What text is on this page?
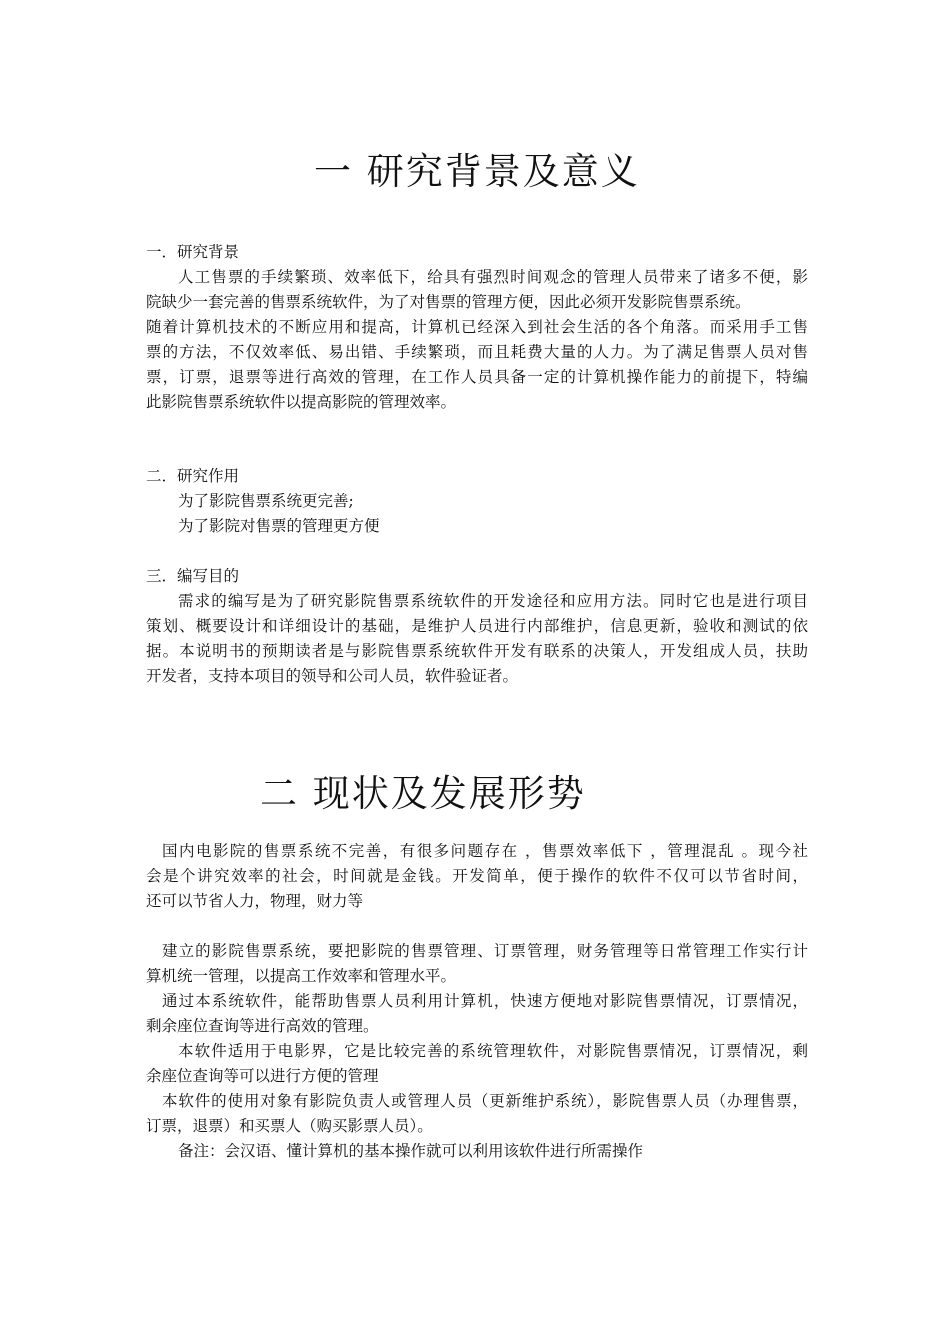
一 研究背景及意义
一．研究背景
人工售票的手续繁琐、效率低下，给具有强烈时间观念的管理人员带来了诸多不便，影
院缺少一套完善的售票系统软件，为了对售票的管理方便，因此必须开发影院售票系统。
随着计算机技术的不断应用和提高，计算机已经深入到社会生活的各个角落。而采用手工售
票的方法，不仅效率低、易出错、手续繁琐，而且耗费大量的人力。为了满足售票人员对售
票，订票，退票等进行高效的管理，在工作人员具备一定的计算机操作能力的前提下，特编
此影院售票系统软件以提高影院的管理效率。
二．研究作用
为了影院售票系统更完善;
为了影院对售票的管理更方便
三．编写目的
需求的编写是为了研究影院售票系统软件的开发途径和应用方法。同时它也是进行项目
策划、概要设计和详细设计的基础，是维护人员进行内部维护，信息更新，验收和测试的依
据。本说明书的预期读者是与影院售票系统软件开发有联系的决策人，开发组成人员，扶助
开发者，支持本项目的领导和公司人员，软件验证者。
二 现状及发展形势
国内电影院的售票系统不完善，有很多问题存在 ，售票效率低下 ，管理混乱 。现今社
会是个讲究效率的社会，时间就是金钱。开发简单，便于操作的软件不仅可以节省时间，
还可以节省人力，物理，财力等
建立的影院售票系统，要把影院的售票管理、订票管理，财务管理等日常管理工作实行计
算机统一管理，以提高工作效率和管理水平。
通过本系统软件，能帮助售票人员利用计算机，快速方便地对影院售票情况，订票情况，
剩余座位查询等进行高效的管理。
本软件适用于电影界，它是比较完善的系统管理软件，对影院售票情况，订票情况，剩
余座位查询等可以进行方便的管理
本软件的使用对象有影院负责人或管理人员（更新维护系统），影院售票人员（办理售票，
订票，退票）和买票人（购买影票人员）。
备注：会汉语、懂计算机的基本操作就可以利用该软件进行所需操作
